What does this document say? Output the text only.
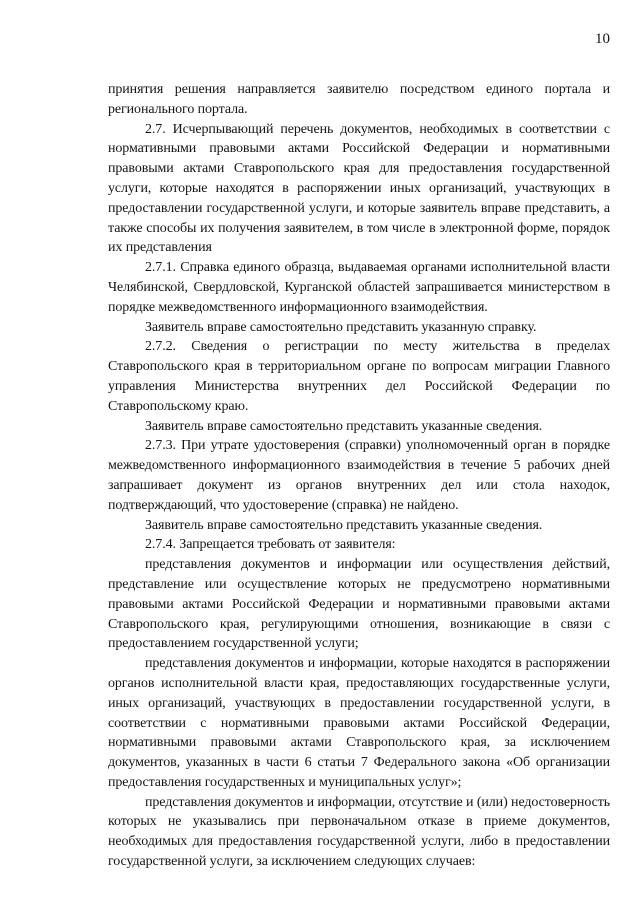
10

принятия решения направляется заявителю посредством единого портала и регионального портала.

2.7. Исчерпывающий перечень документов, необходимых в соответствии с нормативными правовыми актами Российской Федерации и нормативными правовыми актами Ставропольского края для предоставления государственной услуги, которые находятся в распоряжении иных организаций, участвующих в предоставлении государственной услуги, и которые заявитель вправе представить, а также способы их получения заявителем, в том числе в электронной форме, порядок их представления

2.7.1. Справка единого образца, выдаваемая органами исполнительной власти Челябинской, Свердловской, Курганской областей запрашивается министерством в порядке межведомственного информационного взаимодействия.

Заявитель вправе самостоятельно представить указанную справку.

2.7.2. Сведения о регистрации по месту жительства в пределах Ставропольского края в территориальном органе по вопросам миграции Главного управления Министерства внутренних дел Российской Федерации по Ставропольскому краю.

Заявитель вправе самостоятельно представить указанные сведения.

2.7.3. При утрате удостоверения (справки) уполномоченный орган в порядке межведомственного информационного взаимодействия в течение 5 рабочих дней запрашивает документ из органов внутренних дел или стола находок, подтверждающий, что удостоверение (справка) не найдено.

Заявитель вправе самостоятельно представить указанные сведения.

2.7.4. Запрещается требовать от заявителя:

представления документов и информации или осуществления действий, представление или осуществление которых не предусмотрено нормативными правовыми актами Российской Федерации и нормативными правовыми актами Ставропольского края, регулирующими отношения, возникающие в связи с предоставлением государственной услуги;

представления документов и информации, которые находятся в распоряжении органов исполнительной власти края, предоставляющих государственные услуги, иных организаций, участвующих в предоставлении государственной услуги, в соответствии с нормативными правовыми актами Российской Федерации, нормативными правовыми актами Ставропольского края, за исключением документов, указанных в части 6 статьи 7 Федерального закона «Об организации предоставления государственных и муниципальных услуг»;

представления документов и информации, отсутствие и (или) недостоверность которых не указывались при первоначальном отказе в приеме документов, необходимых для предоставления государственной услуги, либо в предоставлении государственной услуги, за исключением следующих случаев:
